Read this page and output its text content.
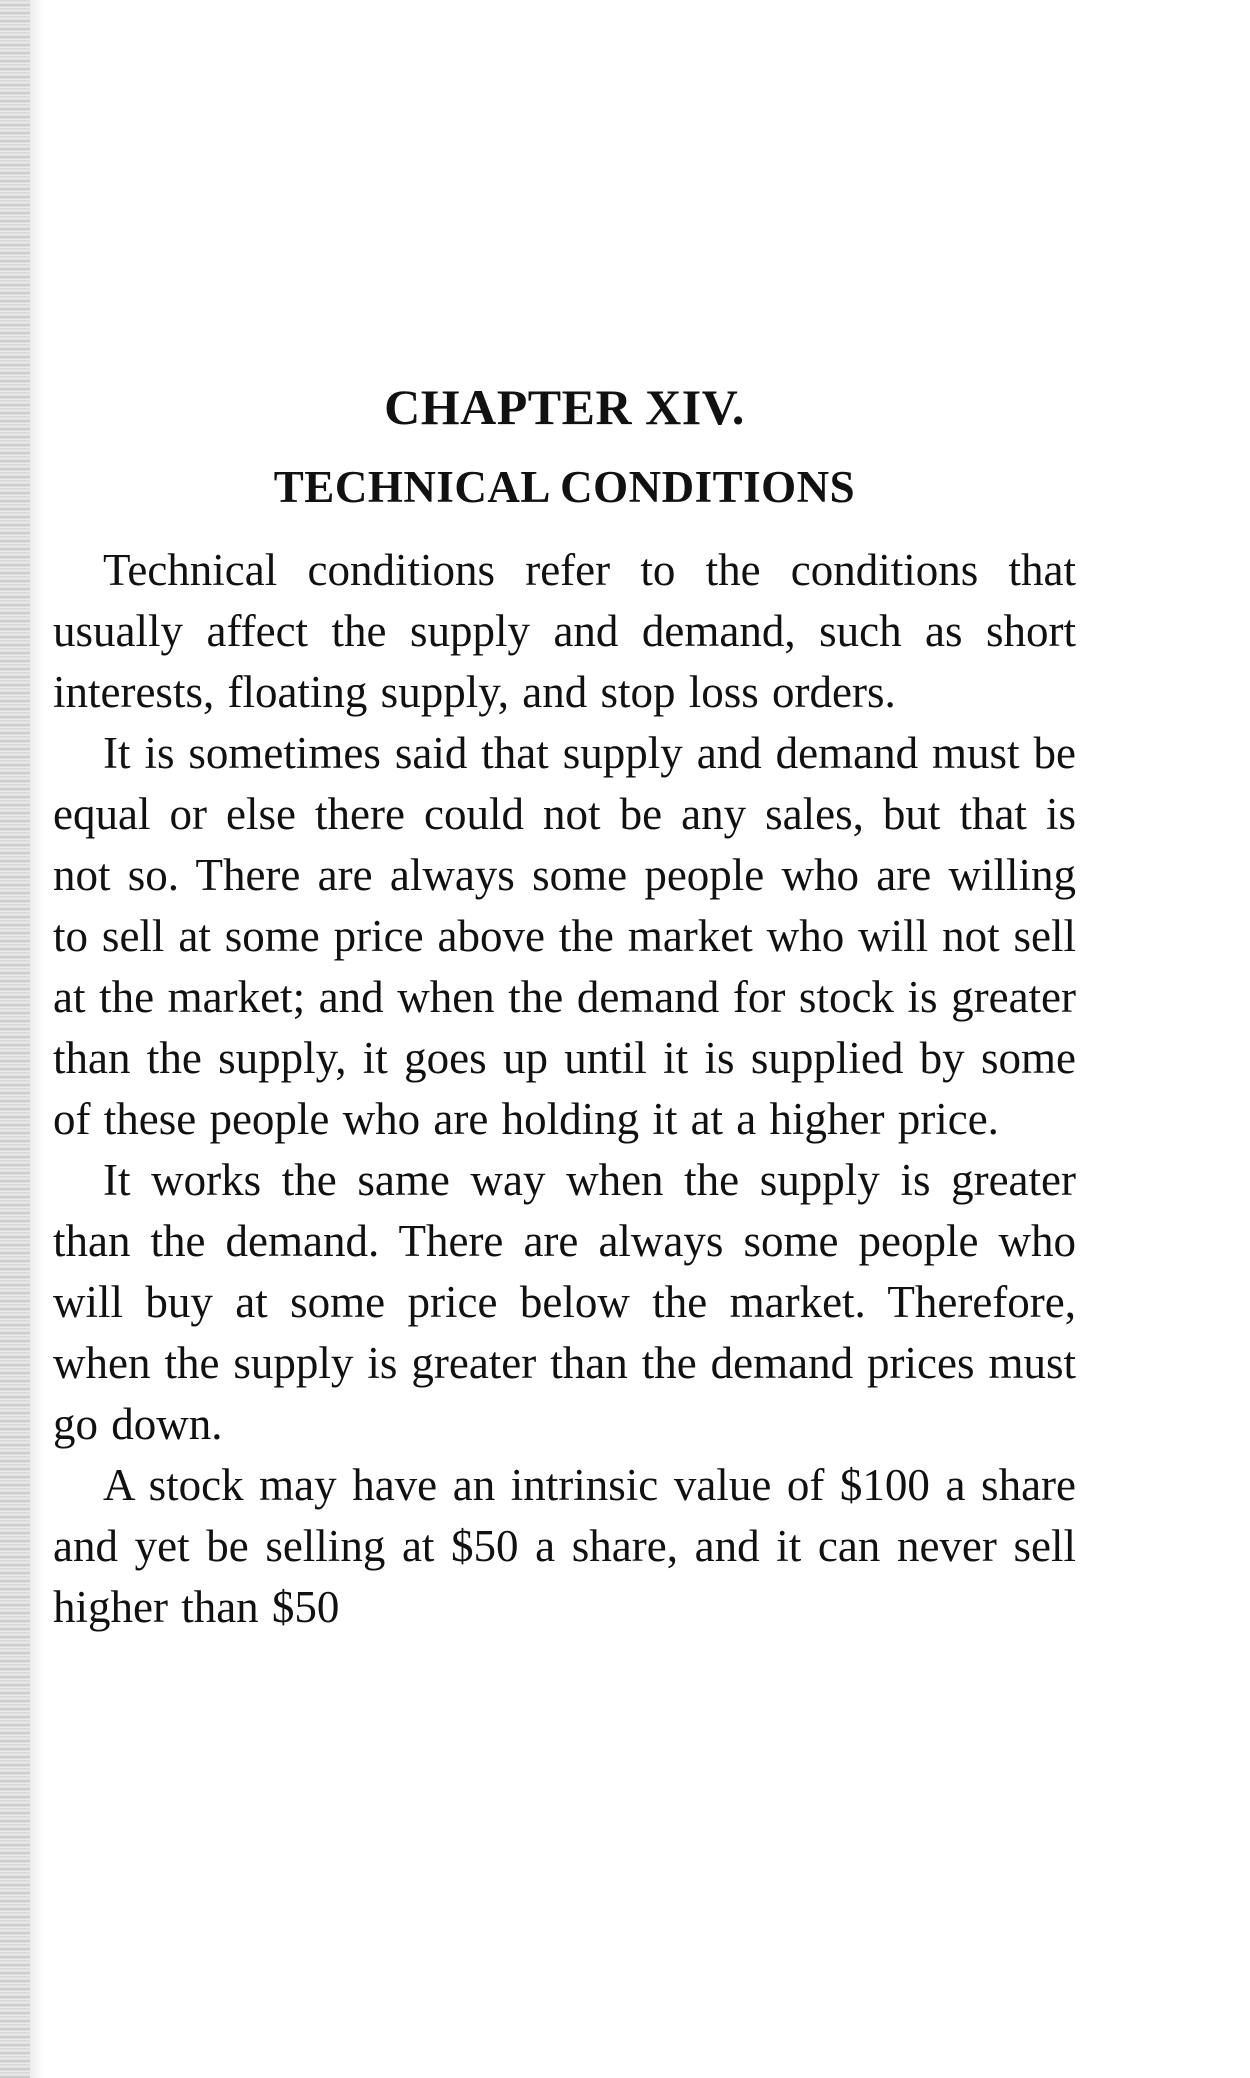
CHAPTER XIV.
TECHNICAL CONDITIONS

Technical conditions refer to the conditions that usually affect the supply and demand, such as short interests, floating supply, and stop loss orders.

It is sometimes said that supply and demand must be equal or else there could not be any sales, but that is not so. There are always some people who are willing to sell at some price above the market who will not sell at the market; and when the demand for stock is greater than the supply, it goes up until it is supplied by some of these people who are holding it at a higher price.

It works the same way when the supply is greater than the demand. There are always some people who will buy at some price below the market. Therefore, when the supply is greater than the demand prices must go down.

A stock may have an intrinsic value of $100 a share and yet be selling at $50 a share, and it can never sell higher than $50
